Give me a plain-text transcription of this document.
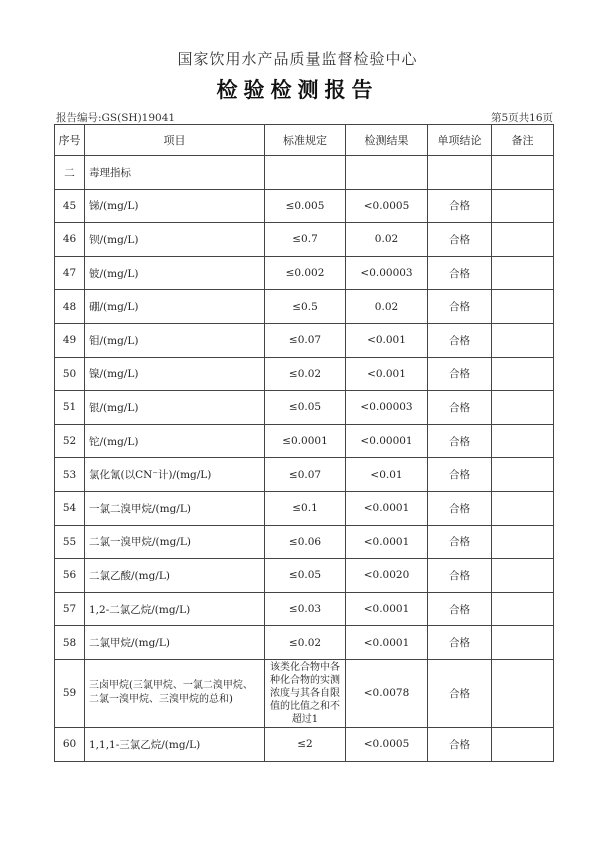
国家饮用水产品质量监督检验中心
检验检测报告
报告编号:GS(SH)19041	第5页共16页
序号	项目	标准规定	检测结果	单项结论	备注
二	毒理指标				
45	锑/(mg/L)	≤0.005	<0.0005	合格	
46	钡/(mg/L)	≤0.7	0.02	合格	
47	铍/(mg/L)	≤0.002	<0.00003	合格	
48	硼/(mg/L)	≤0.5	0.02	合格	
49	钼/(mg/L)	≤0.07	<0.001	合格	
50	镍/(mg/L)	≤0.02	<0.001	合格	
51	银/(mg/L)	≤0.05	<0.00003	合格	
52	铊/(mg/L)	≤0.0001	<0.00001	合格	
53	氯化氰(以CN⁻计)/(mg/L)	≤0.07	<0.01	合格	
54	一氯二溴甲烷/(mg/L)	≤0.1	<0.0001	合格	
55	二氯一溴甲烷/(mg/L)	≤0.06	<0.0001	合格	
56	二氯乙酸/(mg/L)	≤0.05	<0.0020	合格	
57	1,2-二氯乙烷/(mg/L)	≤0.03	<0.0001	合格	
58	二氯甲烷/(mg/L)	≤0.02	<0.0001	合格	
59	三卤甲烷(三氯甲烷、一氯二溴甲烷、二氯一溴甲烷、三溴甲烷的总和)	该类化合物中各种化合物的实测浓度与其各自限值的比值之和不超过1	<0.0078	合格	
60	1,1,1-三氯乙烷/(mg/L)	≤2	<0.0005	合格	
